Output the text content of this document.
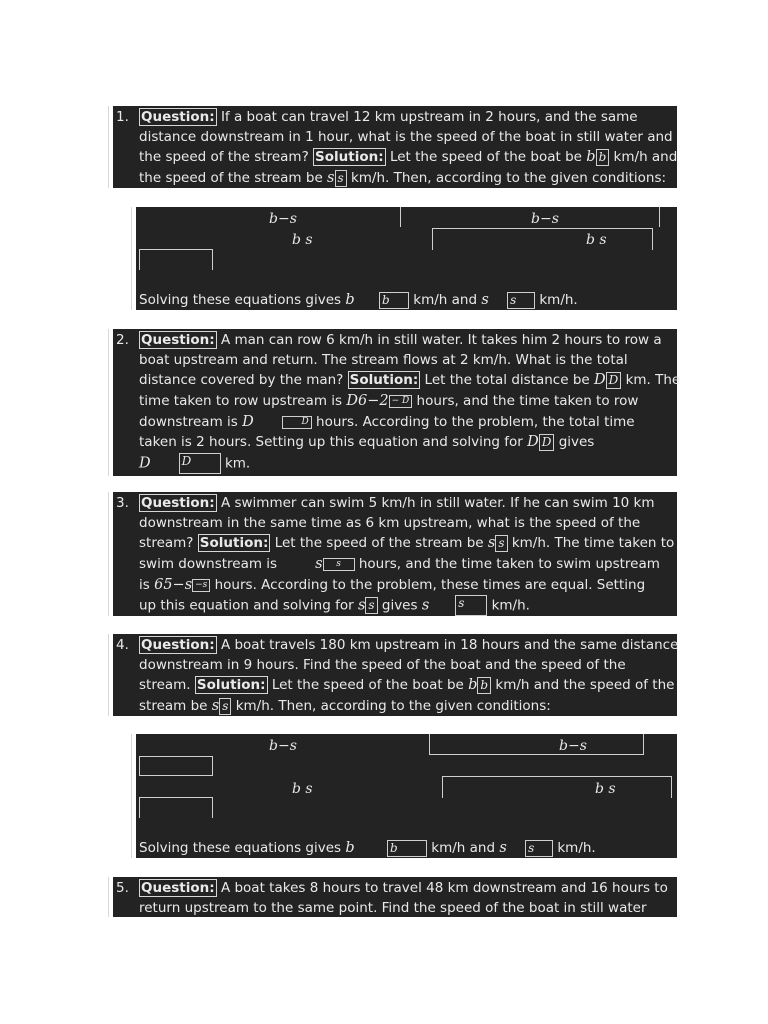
1. Question: If a boat can travel 12 km upstream in 2 hours, and the same
distance downstream in 1 hour, what is the speed of the boat in still water and
the speed of the stream? Solution: Let the speed of the boat be b b km/h and
the speed of the stream be s s km/h. Then, according to the given conditions:
b−s	b−s
b s	b s
Solving these equations gives b b km/h and s s km/h.
2. Question: A man can row 6 km/h in still water. It takes him 2 hours to row a
boat upstream and return. The stream flows at 2 km/h. What is the total
distance covered by the man? Solution: Let the total distance be D D km. The
time taken to row upstream is D6−2 − D hours, and the time taken to row
downstream is D	D hours. According to the problem, the total time
taken is 2 hours. Setting up this equation and solving for D D gives
D	D km.
3. Question: A swimmer can swim 5 km/h in still water. If he can swim 10 km
downstream in the same time as 6 km upstream, what is the speed of the
stream? Solution: Let the speed of the stream be s s km/h. The time taken to
swim downstream is	s s hours, and the time taken to swim upstream
is 65−s −s hours. According to the problem, these times are equal. Setting
up this equation and solving for s s gives s s km/h.
4. Question: A boat travels 180 km upstream in 18 hours and the same distance
downstream in 9 hours. Find the speed of the boat and the speed of the
stream. Solution: Let the speed of the boat be b b km/h and the speed of the
stream be s s km/h. Then, according to the given conditions:
b−s	b−s
b s	b s
Solving these equations gives b	b km/h and s s km/h.
5. Question: A boat takes 8 hours to travel 48 km downstream and 16 hours to
return upstream to the same point. Find the speed of the boat in still water
